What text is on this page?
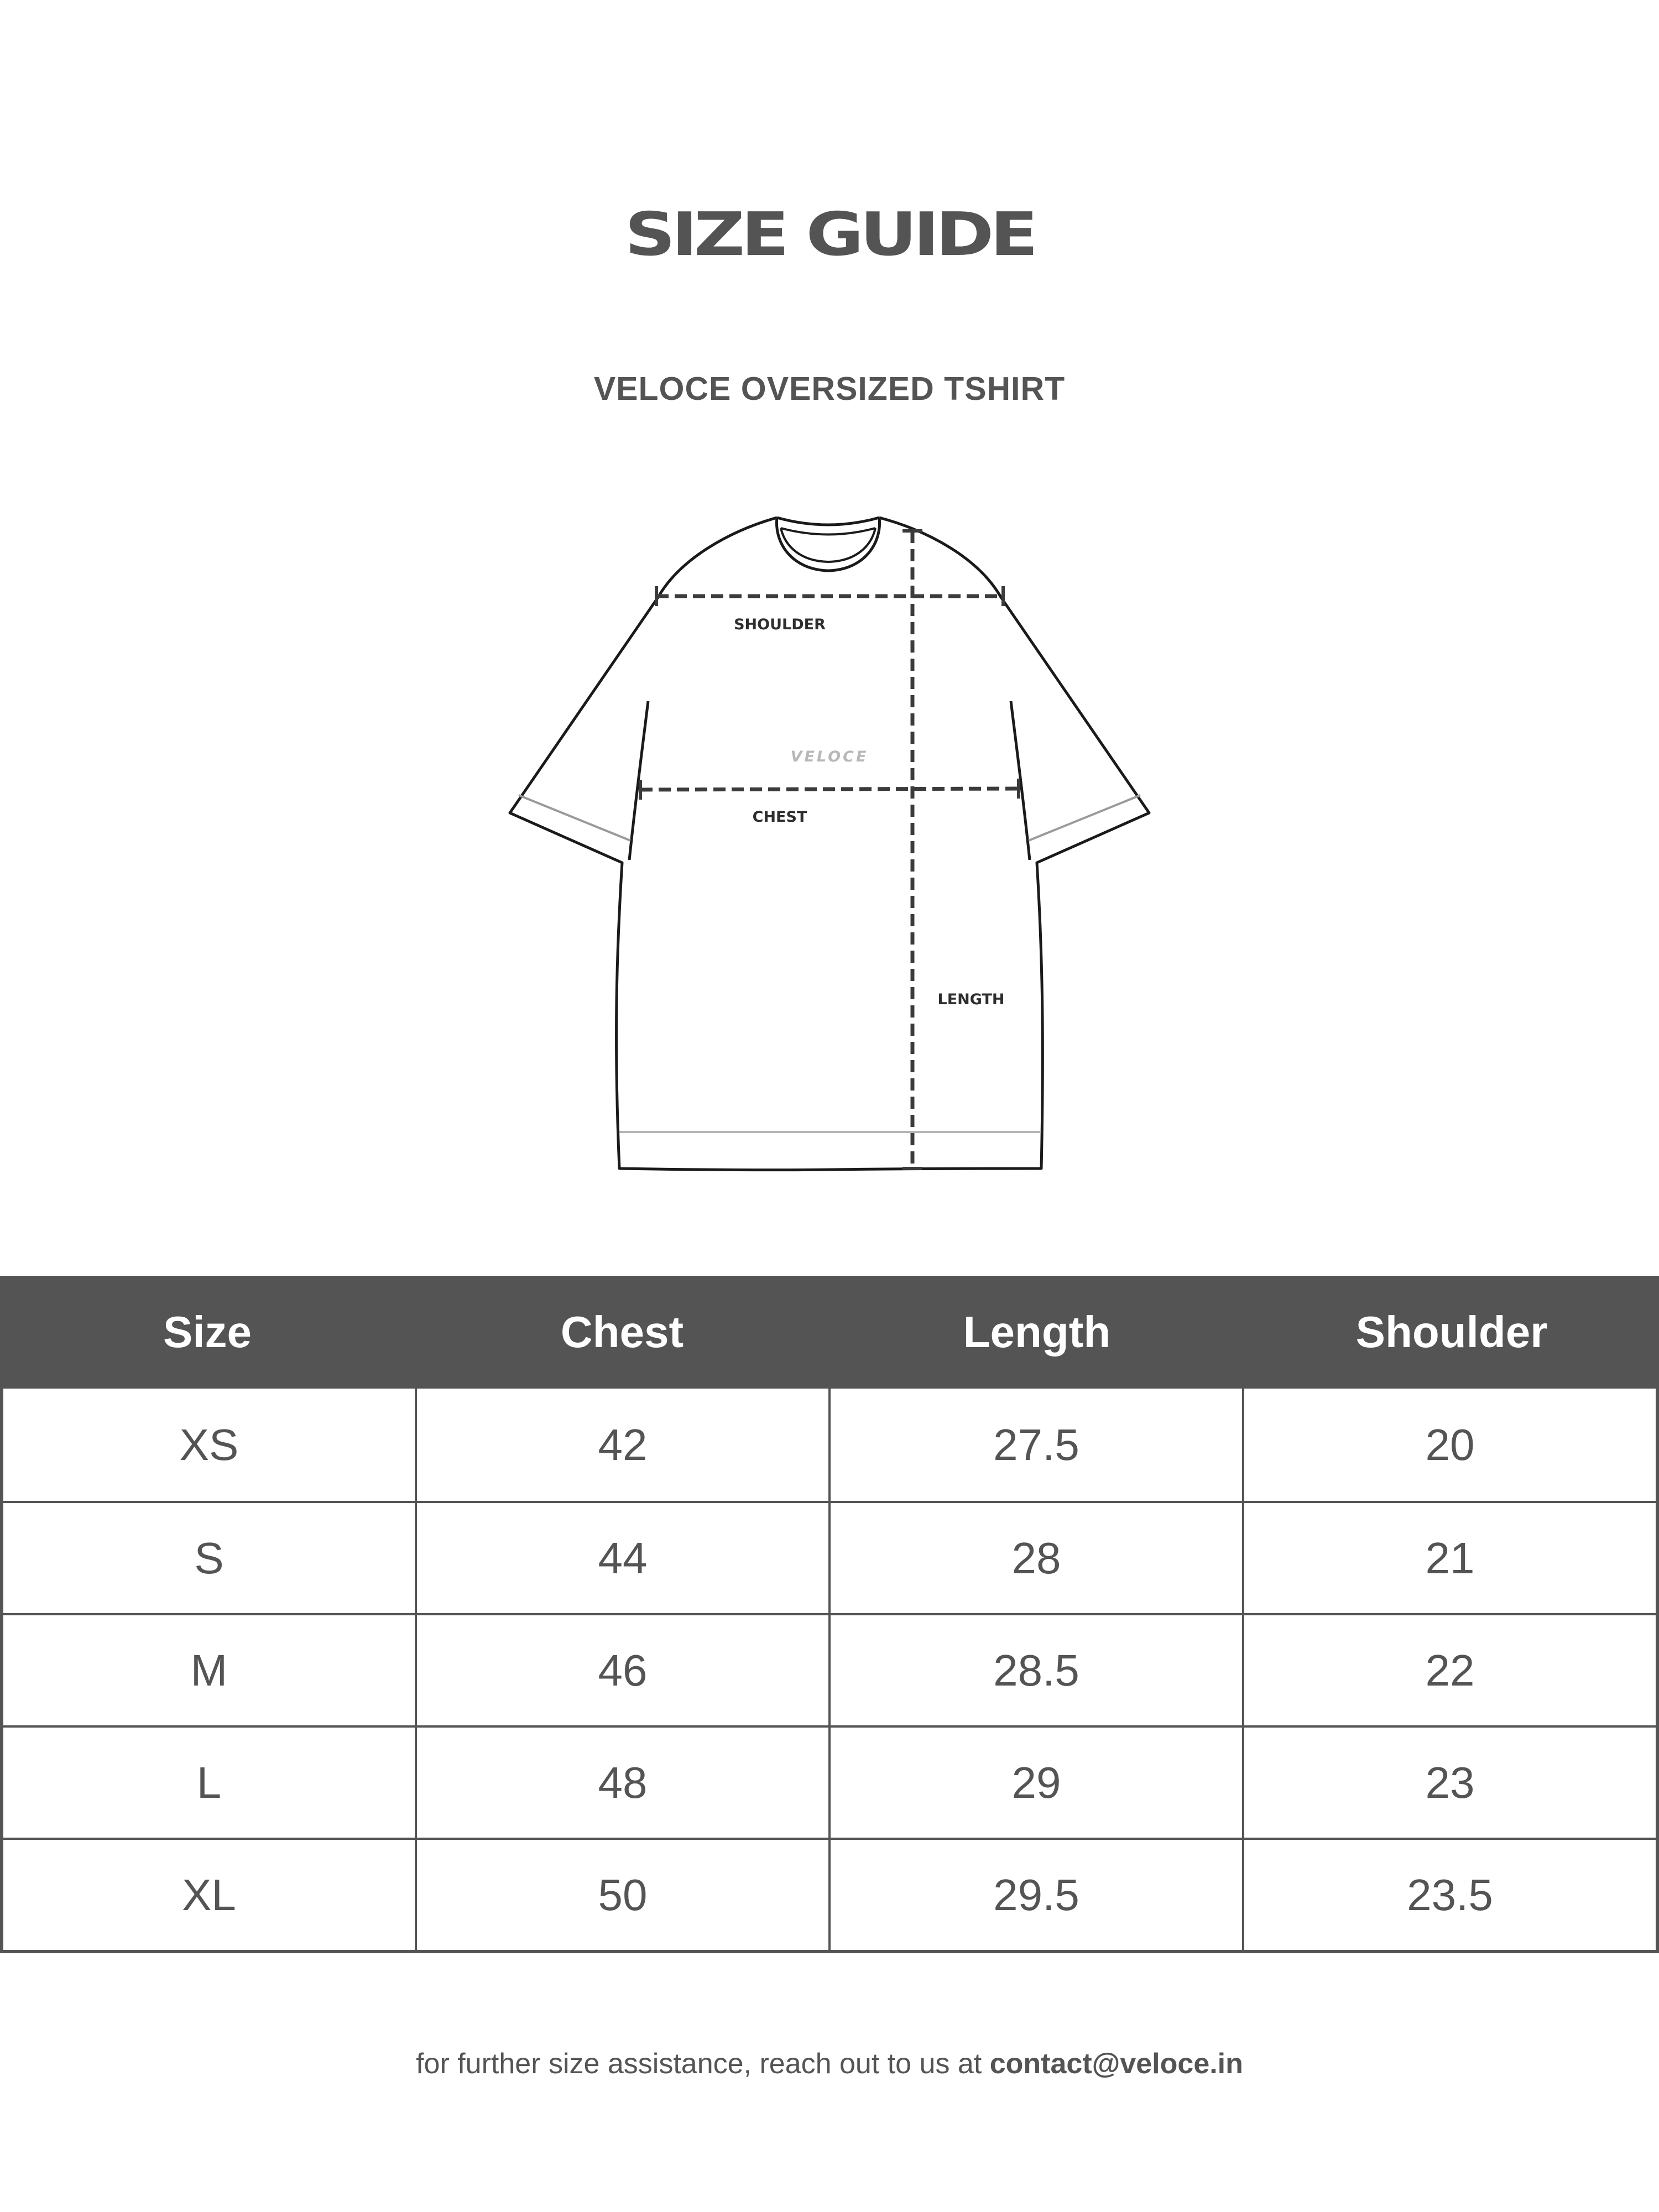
SIZE GUIDE
VELOCE OVERSIZED TSHIRT
SHOULDER
VELOCE
CHEST
LENGTH
Size	Chest	Length	Shoulder
XS	42	27.5	20
S	44	28	21
M	46	28.5	22
L	48	29	23
XL	50	29.5	23.5
for further size assistance, reach out to us at contact@veloce.in
